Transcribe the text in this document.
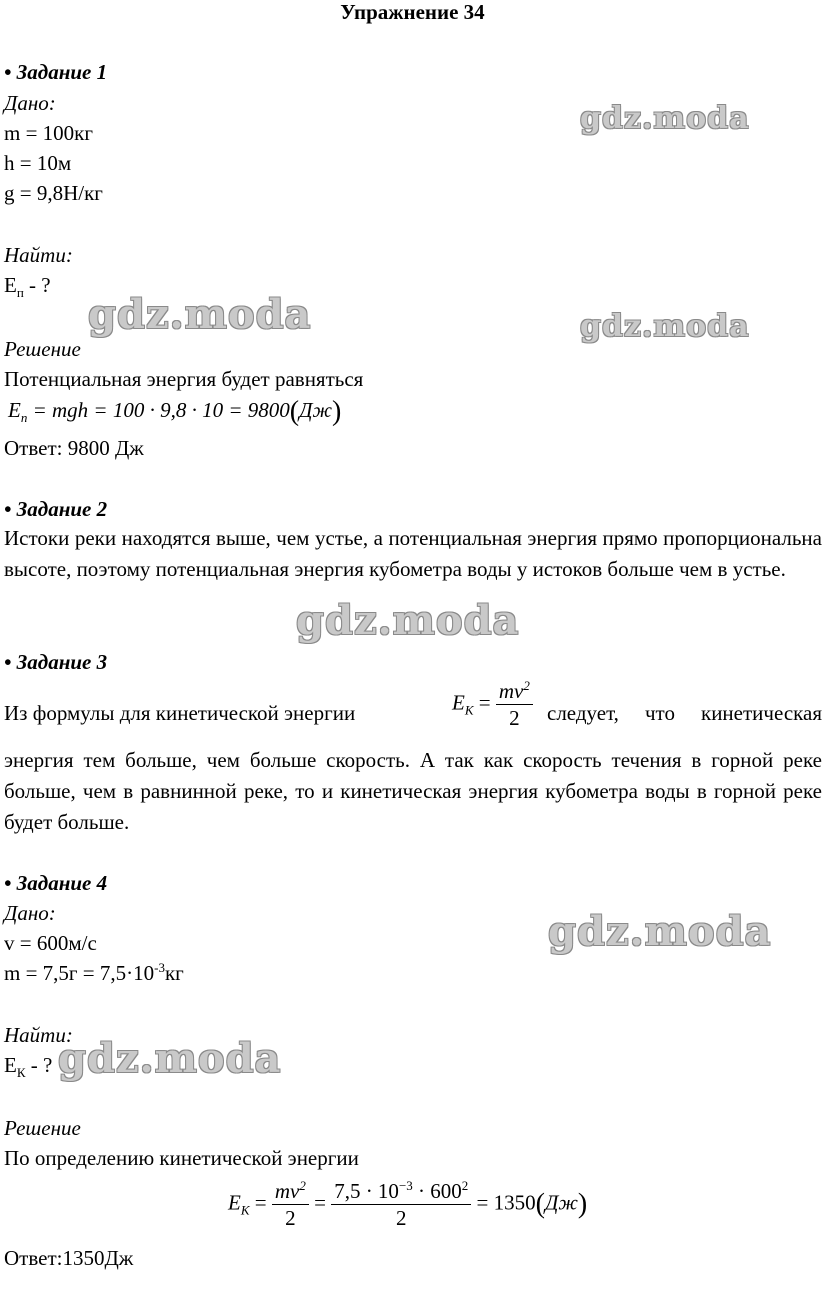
Упражнение 34
• Задание 1
Дано:
m = 100кг
h = 10м
g = 9,8Н/кг
Найти:
$E_п$ - ?
Решение
Потенциальная энергия будет равняться
$E_п$ = mgh = 100 · 9,8 · 10 = 9800(Дж)
Ответ: 9800 Дж
• Задание 2
Истоки реки находятся выше, чем устье, а потенциальная энергия прямо пропорциональна высоте, поэтому потенциальная энергия кубометра воды у истоков больше чем в устье.
• Задание 3
Из формулы для кинетической энергии	$E_K = \frac{mv^2}{2}$ следует, что кинетическая
энергия тем больше, чем больше скорость. А так как скорость течения в горной реке больше, чем в равнинной реке, то и кинетическая энергия кубометра воды в горной реке будет больше.
• Задание 4
Дано:
v = 600м/с
$m = 7,5г = 7,5\cdot 10^{-3}кг$
Найти:
$E_К$ - ?
Решение
По определению кинетической энергии
$E_K = \frac{mv^2}{2} = \frac{7,5 \cdot 10^{-3} \cdot 600^2}{2} = 1350(Дж)$
Ответ:1350Дж
gdz.moda
gdz.moda	gdz.moda
gdz.moda
gdz.moda
gdz.moda
